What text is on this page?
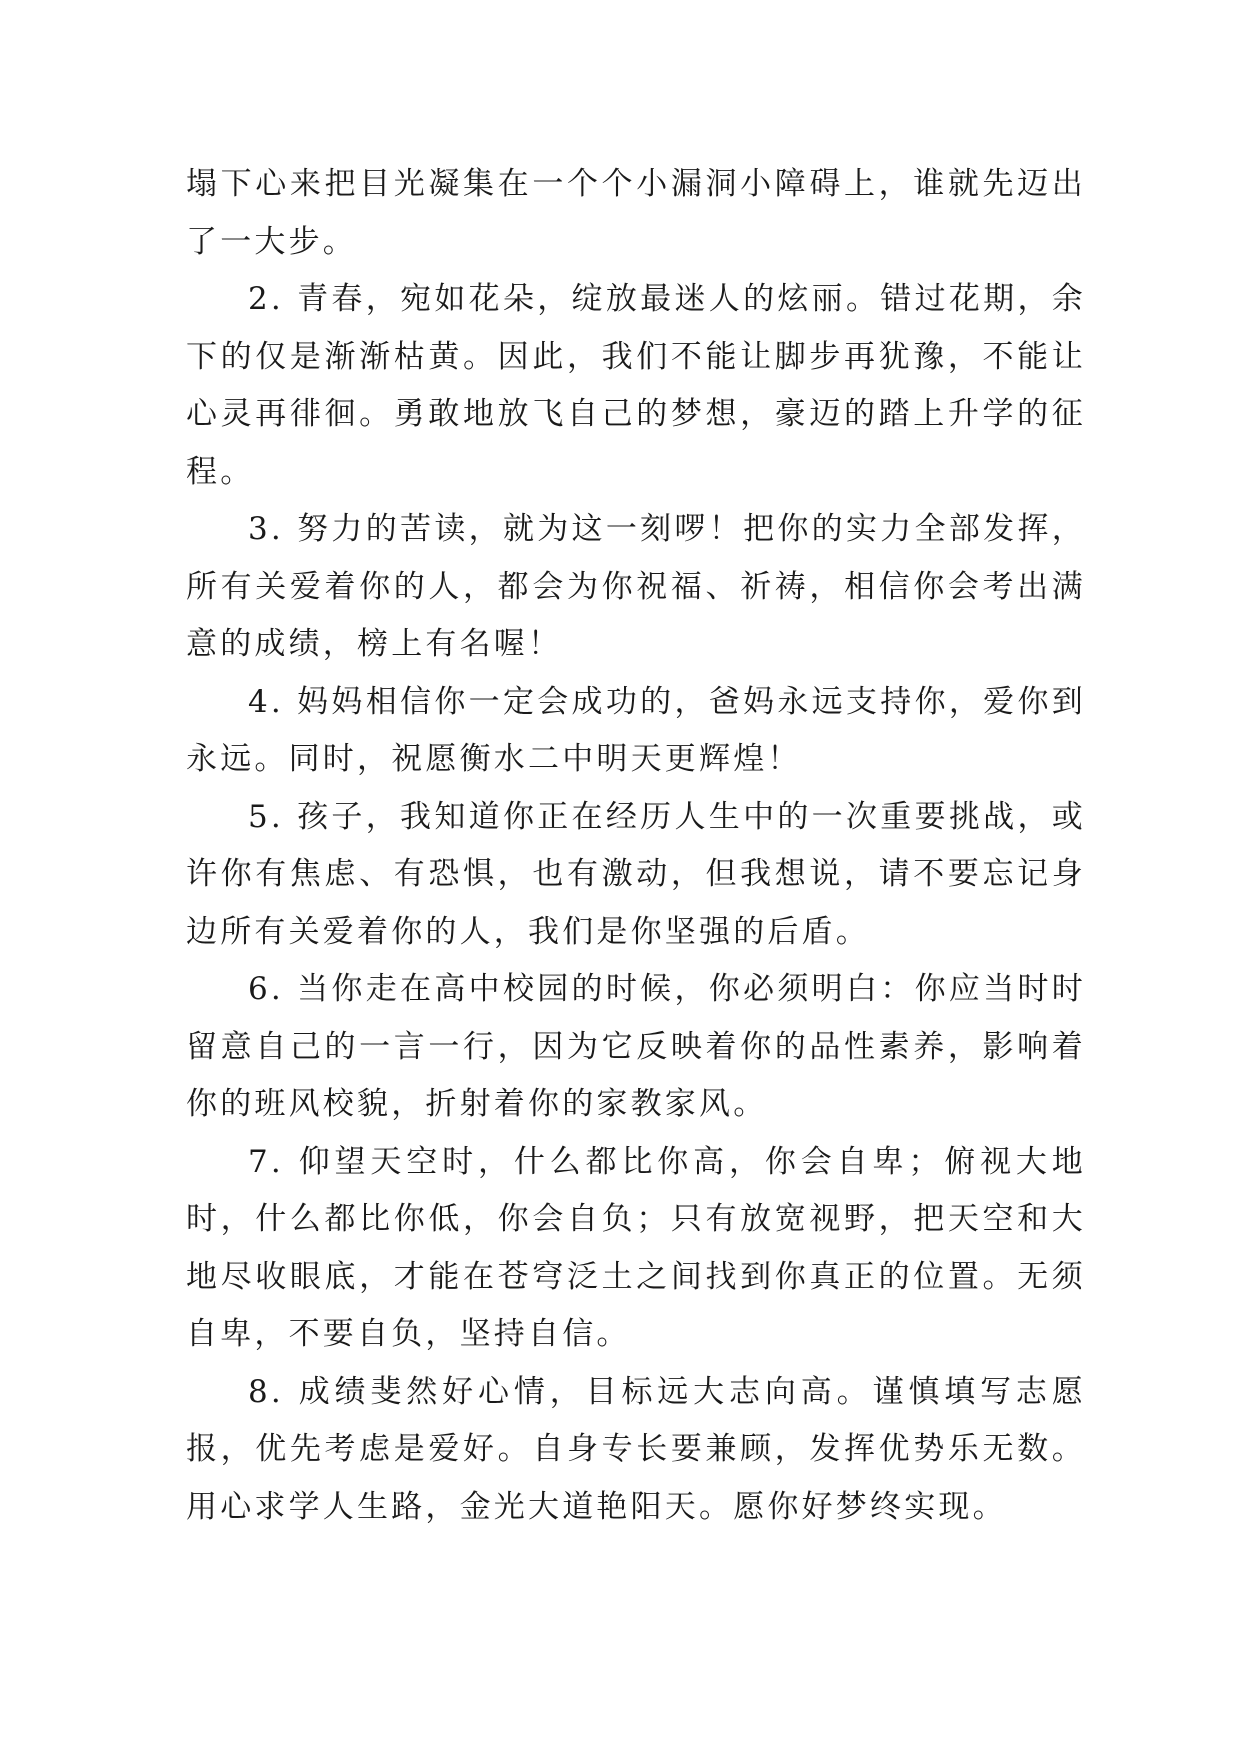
塌下心来把目光凝集在一个个小漏洞小障碍上，谁就先迈出了一大步。

2. 青春，宛如花朵，绽放最迷人的炫丽。错过花期，余下的仅是渐渐枯黄。因此，我们不能让脚步再犹豫，不能让心灵再徘徊。勇敢地放飞自己的梦想，豪迈的踏上升学的征程。

3. 努力的苦读，就为这一刻啰！把你的实力全部发挥，所有关爱着你的人，都会为你祝福、祈祷，相信你会考出满意的成绩，榜上有名喔！

4. 妈妈相信你一定会成功的，爸妈永远支持你，爱你到永远。同时，祝愿衡水二中明天更辉煌！

5. 孩子，我知道你正在经历人生中的一次重要挑战，或许你有焦虑、有恐惧，也有激动，但我想说，请不要忘记身边所有关爱着你的人，我们是你坚强的后盾。

6. 当你走在高中校园的时候，你必须明白：你应当时时留意自己的一言一行，因为它反映着你的品性素养，影响着你的班风校貌，折射着你的家教家风。

7. 仰望天空时，什么都比你高，你会自卑；俯视大地时，什么都比你低，你会自负；只有放宽视野，把天空和大地尽收眼底，才能在苍穹泛土之间找到你真正的位置。无须自卑，不要自负，坚持自信。

8. 成绩斐然好心情，目标远大志向高。谨慎填写志愿报，优先考虑是爱好。自身专长要兼顾，发挥优势乐无数。用心求学人生路，金光大道艳阳天。愿你好梦终实现。
